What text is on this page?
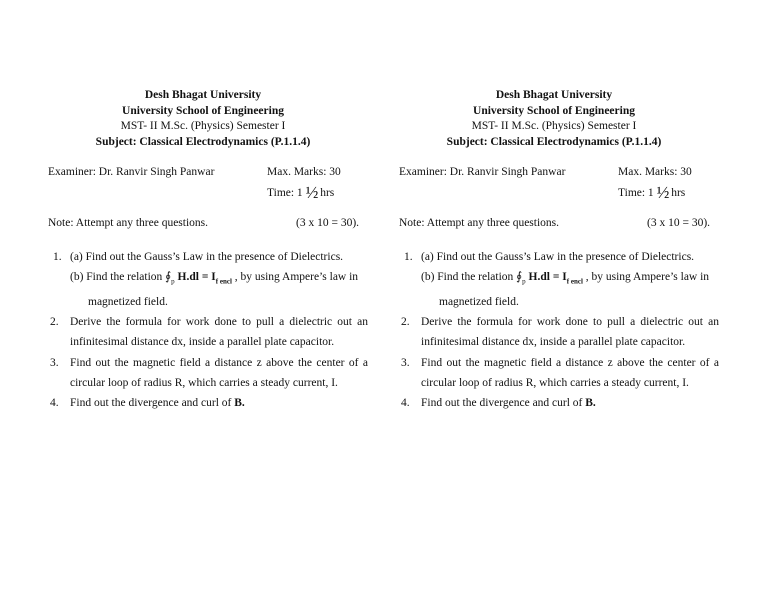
Desh Bhagat University
University School of Engineering
MST- II M.Sc. (Physics) Semester I
Subject: Classical Electrodynamics (P.1.1.4)
Examiner: Dr. Ranvir Singh Panwar	Max. Marks: 30
Time: 1 ½ hrs
Note: Attempt any three questions.	(3 x 10 = 30).
1. (a) Find out the Gauss’s Law in the presence of Dielectrics.
(b) Find the relation $∮_p$ $H.dl = I_{f encl}$ , by using Ampere’s law in
magnetized field.
2. Derive the formula for work done to pull a dielectric out an
infinitesimal distance dx, inside a parallel plate capacitor.
3. Find out the magnetic field a distance z above the center of a
circular loop of radius R, which carries a steady current, I.
4. Find out the divergence and curl of B.
Desh Bhagat University
University School of Engineering
MST- II M.Sc. (Physics) Semester I
Subject: Classical Electrodynamics (P.1.1.4)
Examiner: Dr. Ranvir Singh Panwar	Max. Marks: 30
Time: 1 ½ hrs
Note: Attempt any three questions.	(3 x 10 = 30).
1. (a) Find out the Gauss’s Law in the presence of Dielectrics.
(b) Find the relation $∮_p$ $H.dl = I_{f encl}$ , by using Ampere’s law in
magnetized field.
2. Derive the formula for work done to pull a dielectric out an
infinitesimal distance dx, inside a parallel plate capacitor.
3. Find out the magnetic field a distance z above the center of a
circular loop of radius R, which carries a steady current, I.
4. Find out the divergence and curl of B.
